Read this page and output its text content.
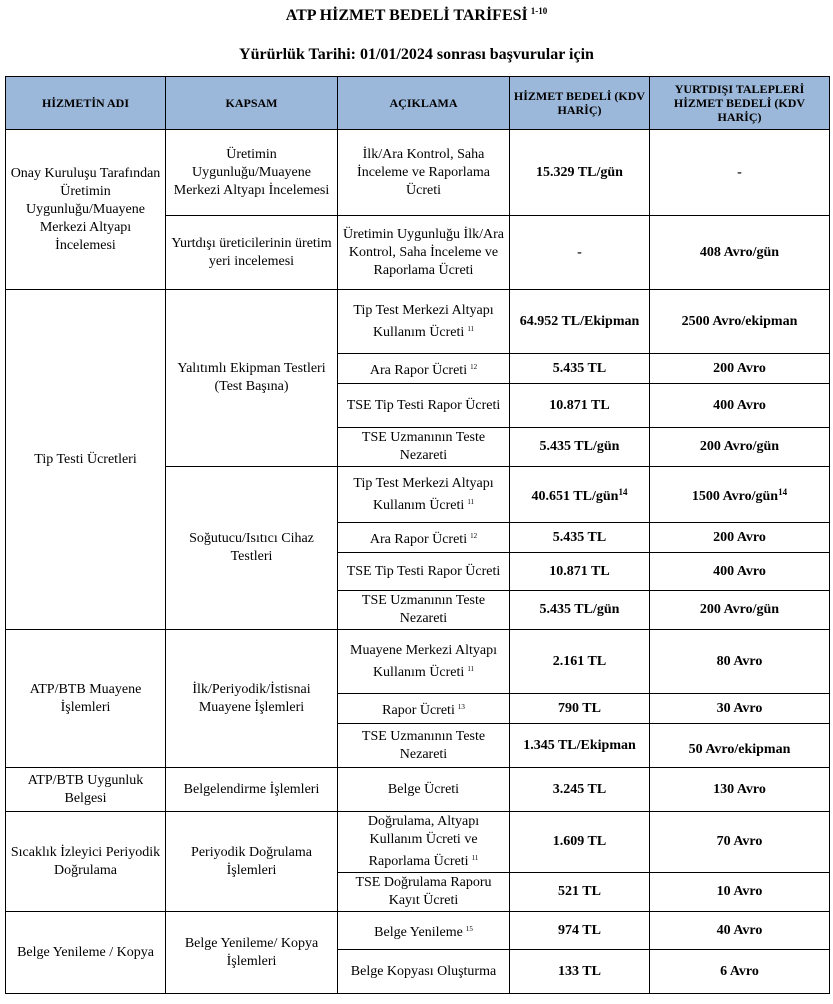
ATP HİZMET BEDELİ TARİFESİ $^{1-10}$
Yürürlük Tarihi: 01/01/2024 sonrası başvurular için
HİZMETİN ADI	KAPSAM	AÇIKLAMA	HİZMET BEDELİ (KDV HARİÇ)	YURTDIŞI TALEPLERİ HİZMET BEDELİ (KDV HARİÇ)
Onay Kuruluşu Tarafından Üretimin Uygunluğu/Muayene Merkezi Altyapı İncelemesi	Üretimin Uygunluğu/Muayene Merkezi Altyapı İncelemesi	İlk/Ara Kontrol, Saha İnceleme ve Raporlama Ücreti	15.329 TL/gün	-
	Yurtdışı üreticilerinin üretim yeri incelemesi	Üretimin Uygunluğu İlk/Ara Kontrol, Saha İnceleme ve Raporlama Ücreti	-	408 Avro/gün
Tip Testi Ücretleri	Yalıtımlı Ekipman Testleri (Test Başına)	Tip Test Merkezi Altyapı Kullanım Ücreti $^{11}$	64.952 TL/Ekipman	2500 Avro/ekipman
		Ara Rapor Ücreti $^{12}$	5.435 TL	200 Avro
		TSE Tip Testi Rapor Ücreti	10.871 TL	400 Avro
		TSE Uzmanının Teste Nezareti	5.435 TL/gün	200 Avro/gün
	Soğutucu/Isıtıcı Cihaz Testleri	Tip Test Merkezi Altyapı Kullanım Ücreti $^{11}$	40.651 TL/gün$^{14}$	1500 Avro/gün$^{14}$
		Ara Rapor Ücreti $^{12}$	5.435 TL	200 Avro
		TSE Tip Testi Rapor Ücreti	10.871 TL	400 Avro
		TSE Uzmanının Teste Nezareti	5.435 TL/gün	200 Avro/gün
ATP/BTB Muayene İşlemleri	İlk/Periyodik/İstisnai Muayene İşlemleri	Muayene Merkezi Altyapı Kullanım Ücreti $^{11}$	2.161 TL	80 Avro
		Rapor Ücreti $^{13}$	790 TL	30 Avro
		TSE Uzmanının Teste Nezareti	1.345 TL/Ekipman	50 Avro/ekipman
ATP/BTB Uygunluk Belgesi	Belgelendirme İşlemleri	Belge Ücreti	3.245 TL	130 Avro
Sıcaklık İzleyici Periyodik Doğrulama	Periyodik Doğrulama İşlemleri	Doğrulama, Altyapı Kullanım Ücreti ve Raporlama Ücreti $^{11}$	1.609 TL	70 Avro
		TSE Doğrulama Raporu Kayıt Ücreti	521 TL	10 Avro
Belge Yenileme / Kopya	Belge Yenileme/ Kopya İşlemleri	Belge Yenileme $^{15}$	974 TL	40 Avro
		Belge Kopyası Oluşturma	133 TL	6 Avro
